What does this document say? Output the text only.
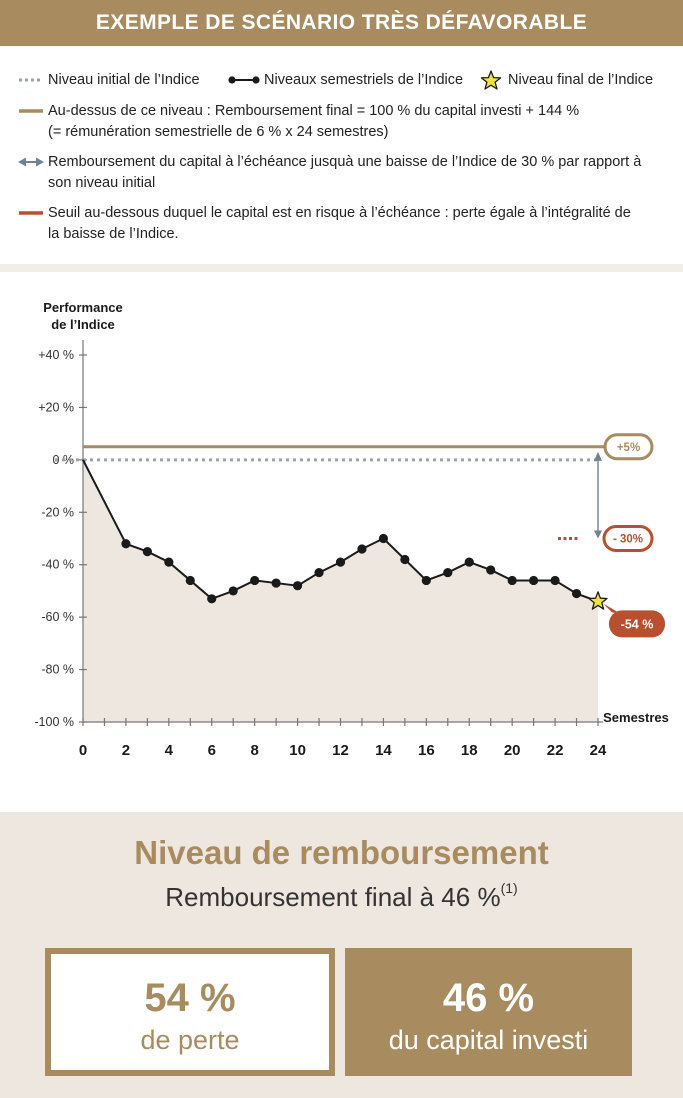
EXEMPLE DE SCÉNARIO TRÈS DÉFAVORABLE
Niveau initial de l’Indice	Niveaux semestriels de l’Indice	Niveau final de l’Indice
Au-dessus de ce niveau : Remboursement final = 100 % du capital investi + 144 %
(= rémunération semestrielle de 6 % x 24 semestres)
Remboursement du capital à l’échéance jusquà une baisse de l’Indice de 30 % par rapport à
son niveau initial
Seuil au-dessous duquel le capital est en risque à l’échéance : perte égale à l’intégralité de
la baisse de l’Indice.
Performance
de l’Indice
Semestres
+40 %
+20 %
0 %
-20 %
-40 %
-60 %
-80 %
-100 %
0 2 4 6 8 10 12 14 16 18 20 22 24
+5%
- 30%
-54 %
Niveau de remboursement
Remboursement final à 46 %$^{(1)}$
54 %
de perte
46 %
du capital investi
